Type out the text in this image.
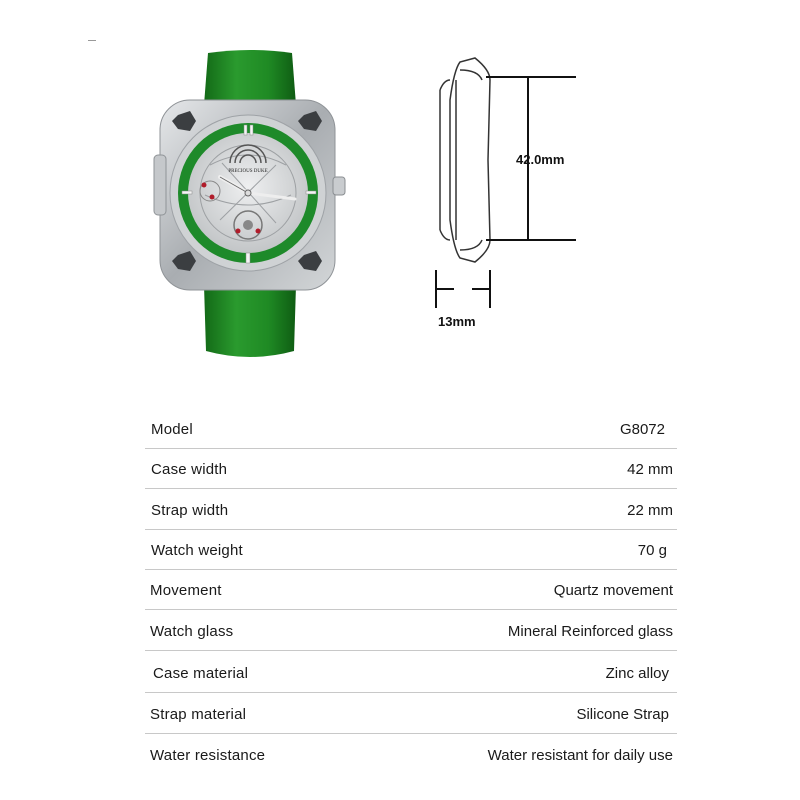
PRECIOUS DUKE
42.0mm
13mm
Model	G8072
Case width	42 mm
Strap width	22 mm
Watch weight	70 g
Movement	Quartz movement
Watch glass	Mineral Reinforced glass
Case material	Zinc alloy
Strap material	Silicone Strap
Water resistance	Water resistant for daily use
